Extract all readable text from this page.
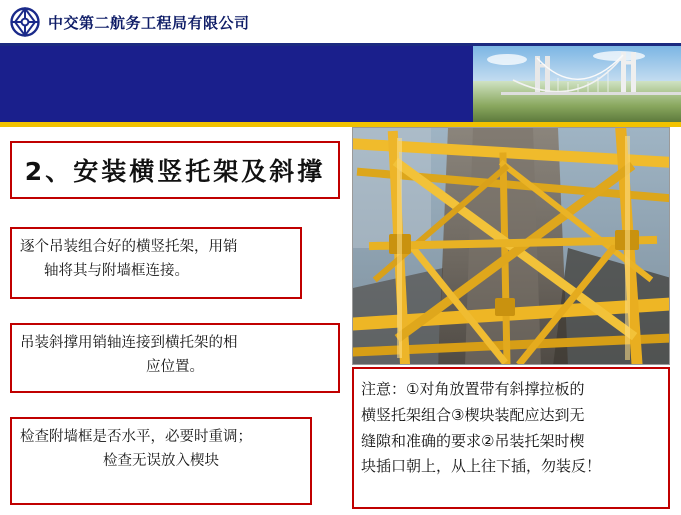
中交第二航务工程局有限公司
2、安装横竖托架及斜撑
逐个吊装组合好的横竖托架，用销
轴将其与附墙框连接。
吊装斜撑用销轴连接到横托架的相
应位置。
检查附墙框是否水平，必要时重调；
检查无误放入楔块
注意：①对角放置带有斜撑拉板的
横竖托架组合③楔块装配应达到无
缝隙和准确的要求②吊装托架时楔
块插口朝上，从上往下插，勿装反！
